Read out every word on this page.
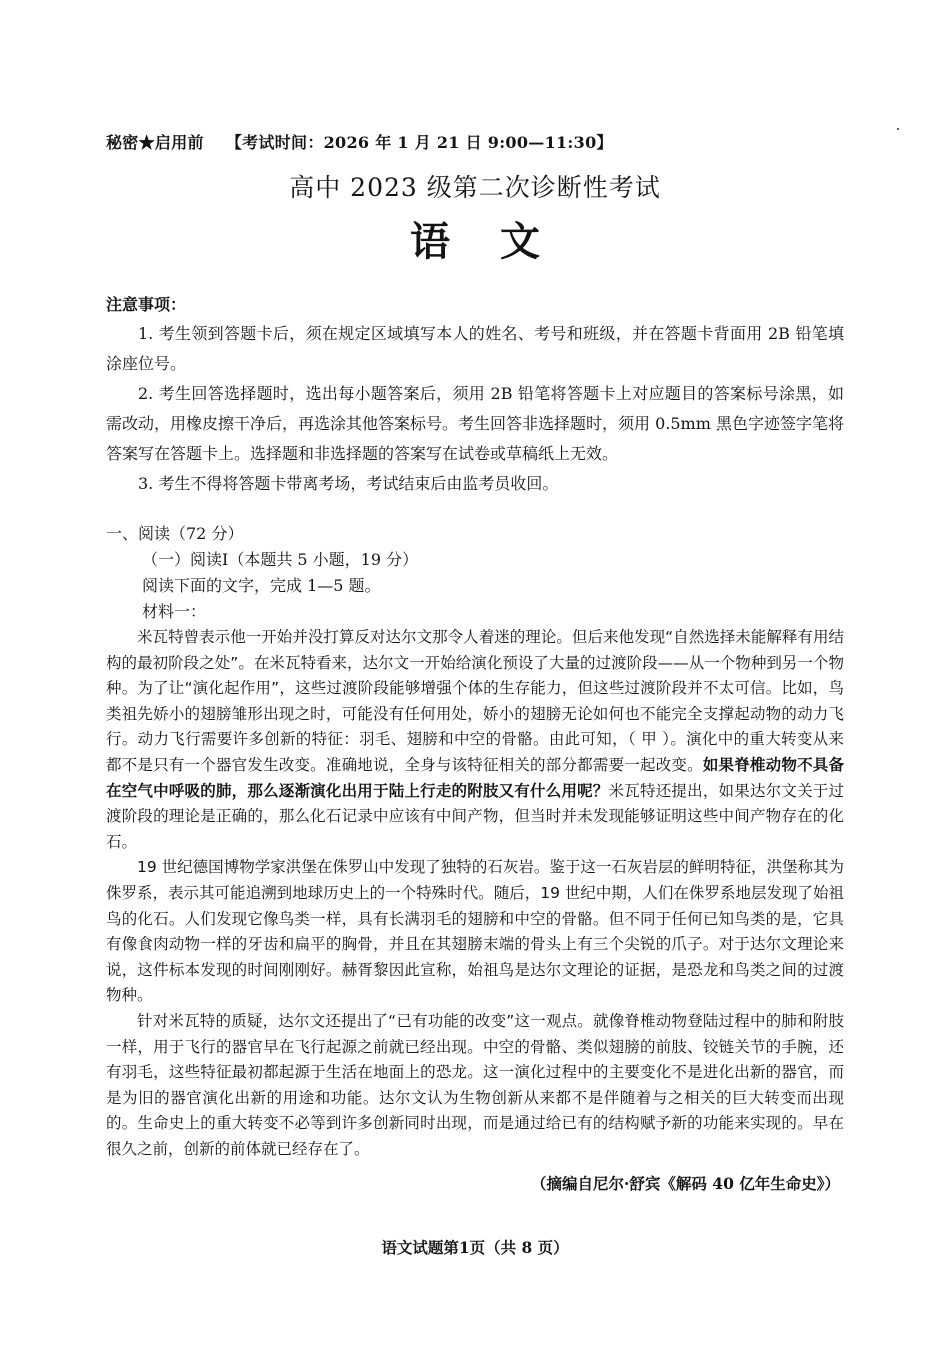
秘密★启用前 【考试时间：2026 年 1 月 21 日 9:00—11:30】
高中 2023 级第二次诊断性考试
语 文
注意事项：

1. 考生领到答题卡后，须在规定区域填写本人的姓名、考号和班级，并在答题卡背面用 2B 铅笔填涂座位号。

2. 考生回答选择题时，选出每小题答案后，须用 2B 铅笔将答题卡上对应题目的答案标号涂黑，如需改动，用橡皮擦干净后，再选涂其他答案标号。考生回答非选择题时，须用 0.5mm 黑色字迹签字笔将答案写在答题卡上。选择题和非选择题的答案写在试卷或草稿纸上无效。

3. 考生不得将答题卡带离考场，考试结束后由监考员收回。

一、阅读（72 分）
（一）阅读Ⅰ（本题共 5 小题，19 分）
阅读下面的文字，完成 1—5 题。
材料一：

米瓦特曾表示他一开始并没打算反对达尔文那令人着迷的理论。但后来他发现“自然选择未能解释有用结构的最初阶段之处”。在米瓦特看来，达尔文一开始给演化预设了大量的过渡阶段——从一个物种到另一个物种。为了让“演化起作用”，这些过渡阶段能够增强个体的生存能力，但这些过渡阶段并不太可信。比如，鸟类祖先娇小的翅膀雏形出现之时，可能没有任何用处，娇小的翅膀无论如何也不能完全支撑起动物的动力飞行。动力飞行需要许多创新的特征：羽毛、翅膀和中空的骨骼。由此可知，（ 甲 ）。演化中的重大转变从来都不是只有一个器官发生改变。准确地说，全身与该特征相关的部分都需要一起改变。如果脊椎动物不具备在空气中呼吸的肺，那么逐渐演化出用于陆上行走的附肢又有什么用呢？米瓦特还提出，如果达尔文关于过渡阶段的理论是正确的，那么化石记录中应该有中间产物，但当时并未发现能够证明这些中间产物存在的化石。

19 世纪德国博物学家洪堡在侏罗山中发现了独特的石灰岩。鉴于这一石灰岩层的鲜明特征，洪堡称其为侏罗系，表示其可能追溯到地球历史上的一个特殊时代。随后，19 世纪中期，人们在侏罗系地层发现了始祖鸟的化石。人们发现它像鸟类一样，具有长满羽毛的翅膀和中空的骨骼。但不同于任何已知鸟类的是，它具有像食肉动物一样的牙齿和扁平的胸骨，并且在其翅膀末端的骨头上有三个尖锐的爪子。对于达尔文理论来说，这件标本发现的时间刚刚好。赫胥黎因此宣称，始祖鸟是达尔文理论的证据，是恐龙和鸟类之间的过渡物种。

针对米瓦特的质疑，达尔文还提出了“已有功能的改变”这一观点。就像脊椎动物登陆过程中的肺和附肢一样，用于飞行的器官早在飞行起源之前就已经出现。中空的骨骼、类似翅膀的前肢、铰链关节的手腕，还有羽毛，这些特征最初都起源于生活在地面上的恐龙。这一演化过程中的主要变化不是进化出新的器官，而是为旧的器官演化出新的用途和功能。达尔文认为生物创新从来都不是伴随着与之相关的巨大转变而出现的。生命史上的重大转变不必等到许多创新同时出现，而是通过给已有的结构赋予新的功能来实现的。早在很久之前，创新的前体就已经存在了。

（摘编自尼尔·舒宾《解码 40 亿年生命史》）
语文试题第1页（共 8 页）
